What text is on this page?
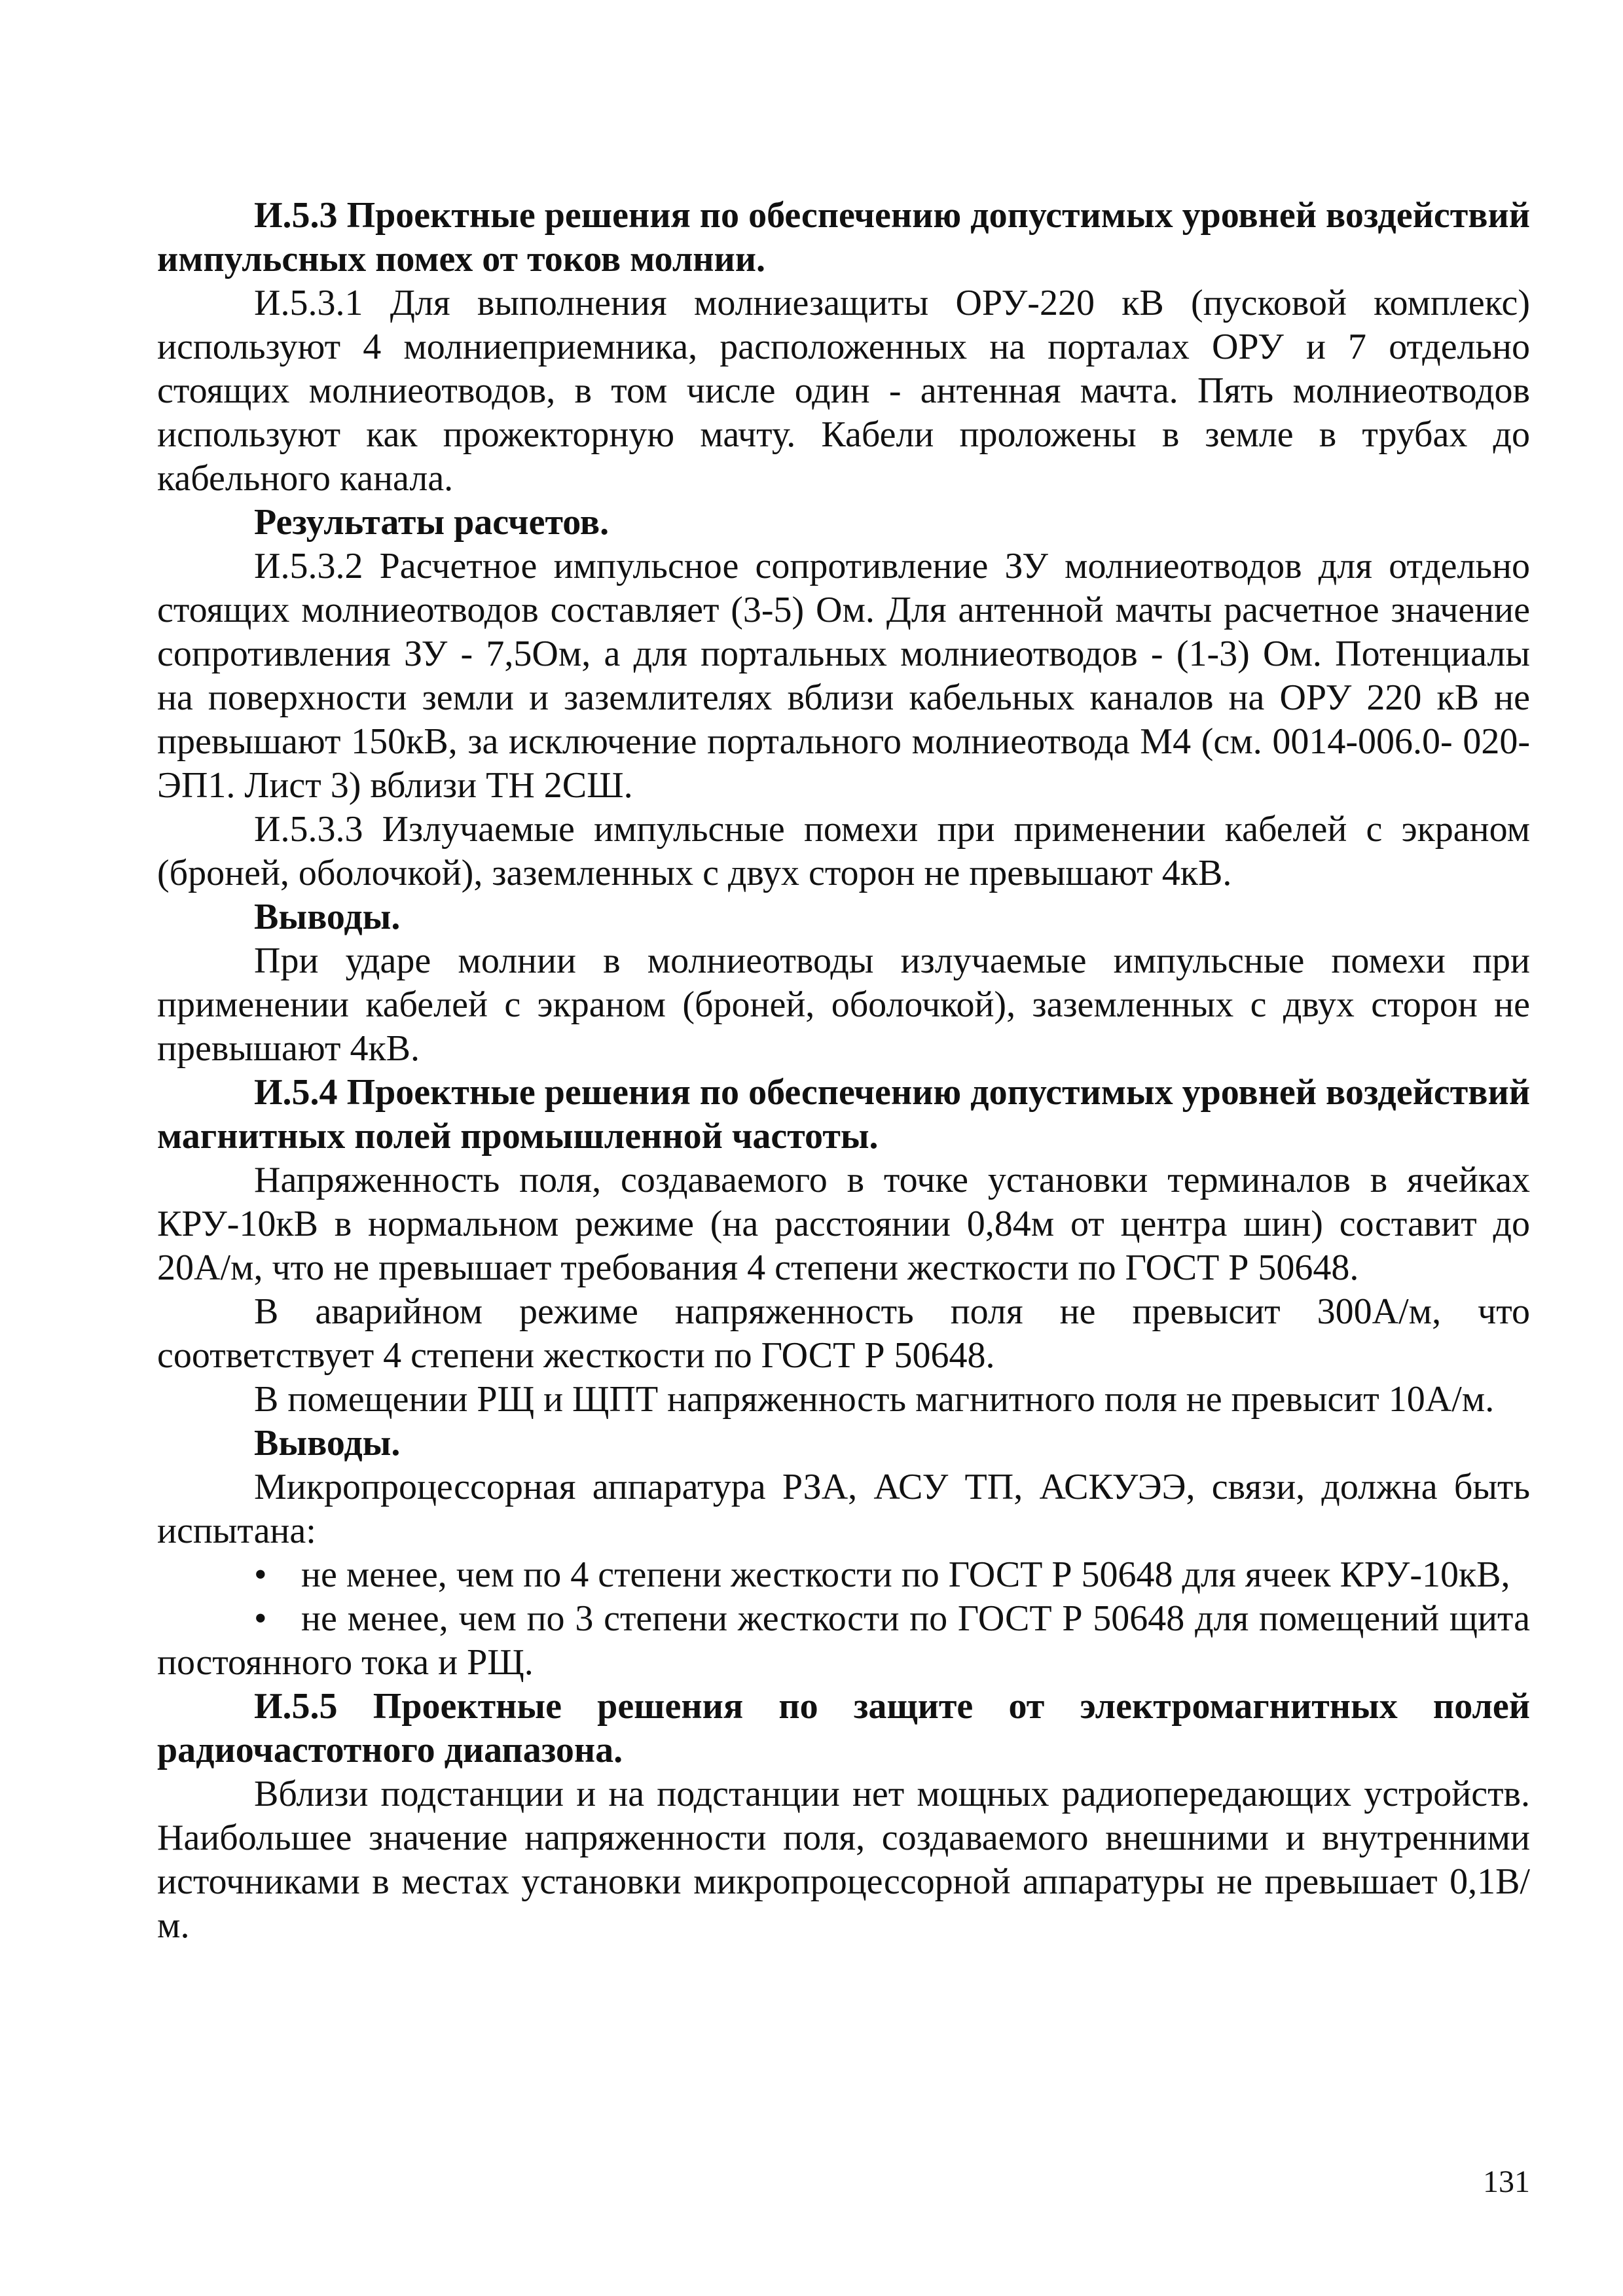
И.5.3 Проектные решения по обеспечению допустимых уровней воздействий импульсных помех от токов молнии.

И.5.3.1 Для выполнения молниезащиты ОРУ-220 кВ (пусковой комплекс) используют 4 молниеприемника, расположенных на порталах ОРУ и 7 отдельно стоящих молниеотводов, в том числе один - антенная мачта. Пять молниеотводов используют как прожекторную мачту. Кабели проложены в земле в трубах до кабельного канала.

Результаты расчетов.

И.5.3.2 Расчетное импульсное сопротивление ЗУ молниеотводов для отдельно стоящих молниеотводов составляет (3-5) Ом. Для антенной мачты расчетное значение сопротивления ЗУ - 7,5Ом, а для портальных молниеотводов - (1-3) Ом. Потенциалы на поверхности земли и заземлителях вблизи кабельных каналов на ОРУ 220 кВ не превышают 150кВ, за исключение портального молниеотвода М4 (см. 0014-006.0- 020-ЭП1. Лист 3) вблизи ТН 2СШ.

И.5.3.3 Излучаемые импульсные помехи при применении кабелей с экраном (броней, оболочкой), заземленных с двух сторон не превышают 4кВ.

Выводы.

При ударе молнии в молниеотводы излучаемые импульсные помехи при применении кабелей с экраном (броней, оболочкой), заземленных с двух сторон не превышают 4кВ.

И.5.4 Проектные решения по обеспечению допустимых уровней воздействий магнитных полей промышленной частоты.

Напряженность поля, создаваемого в точке установки терминалов в ячейках КРУ-10кВ в нормальном режиме (на расстоянии 0,84м от центра шин) составит до 20А/м, что не превышает требования 4 степени жесткости по ГОСТ Р 50648.

В аварийном режиме напряженность поля не превысит 300А/м, что соответствует 4 степени жесткости по ГОСТ Р 50648.

В помещении РЩ и ЩПТ напряженность магнитного поля не превысит 10А/м.

Выводы.

Микропроцессорная аппаратура РЗА, АСУ ТП, АСКУЭЭ, связи, должна быть испытана:

• не менее, чем по 4 степени жесткости по ГОСТ Р 50648 для ячеек КРУ-10кВ,

• не менее, чем по 3 степени жесткости по ГОСТ Р 50648 для помещений щита постоянного тока и РЩ.

И.5.5 Проектные решения по защите от электромагнитных полей радиочастотного диапазона.

Вблизи подстанции и на подстанции нет мощных радиопередающих устройств. Наибольшее значение напряженности поля, создаваемого внешними и внутренними источниками в местах установки микропроцессорной аппаратуры не превышает 0,1В/м.

131
